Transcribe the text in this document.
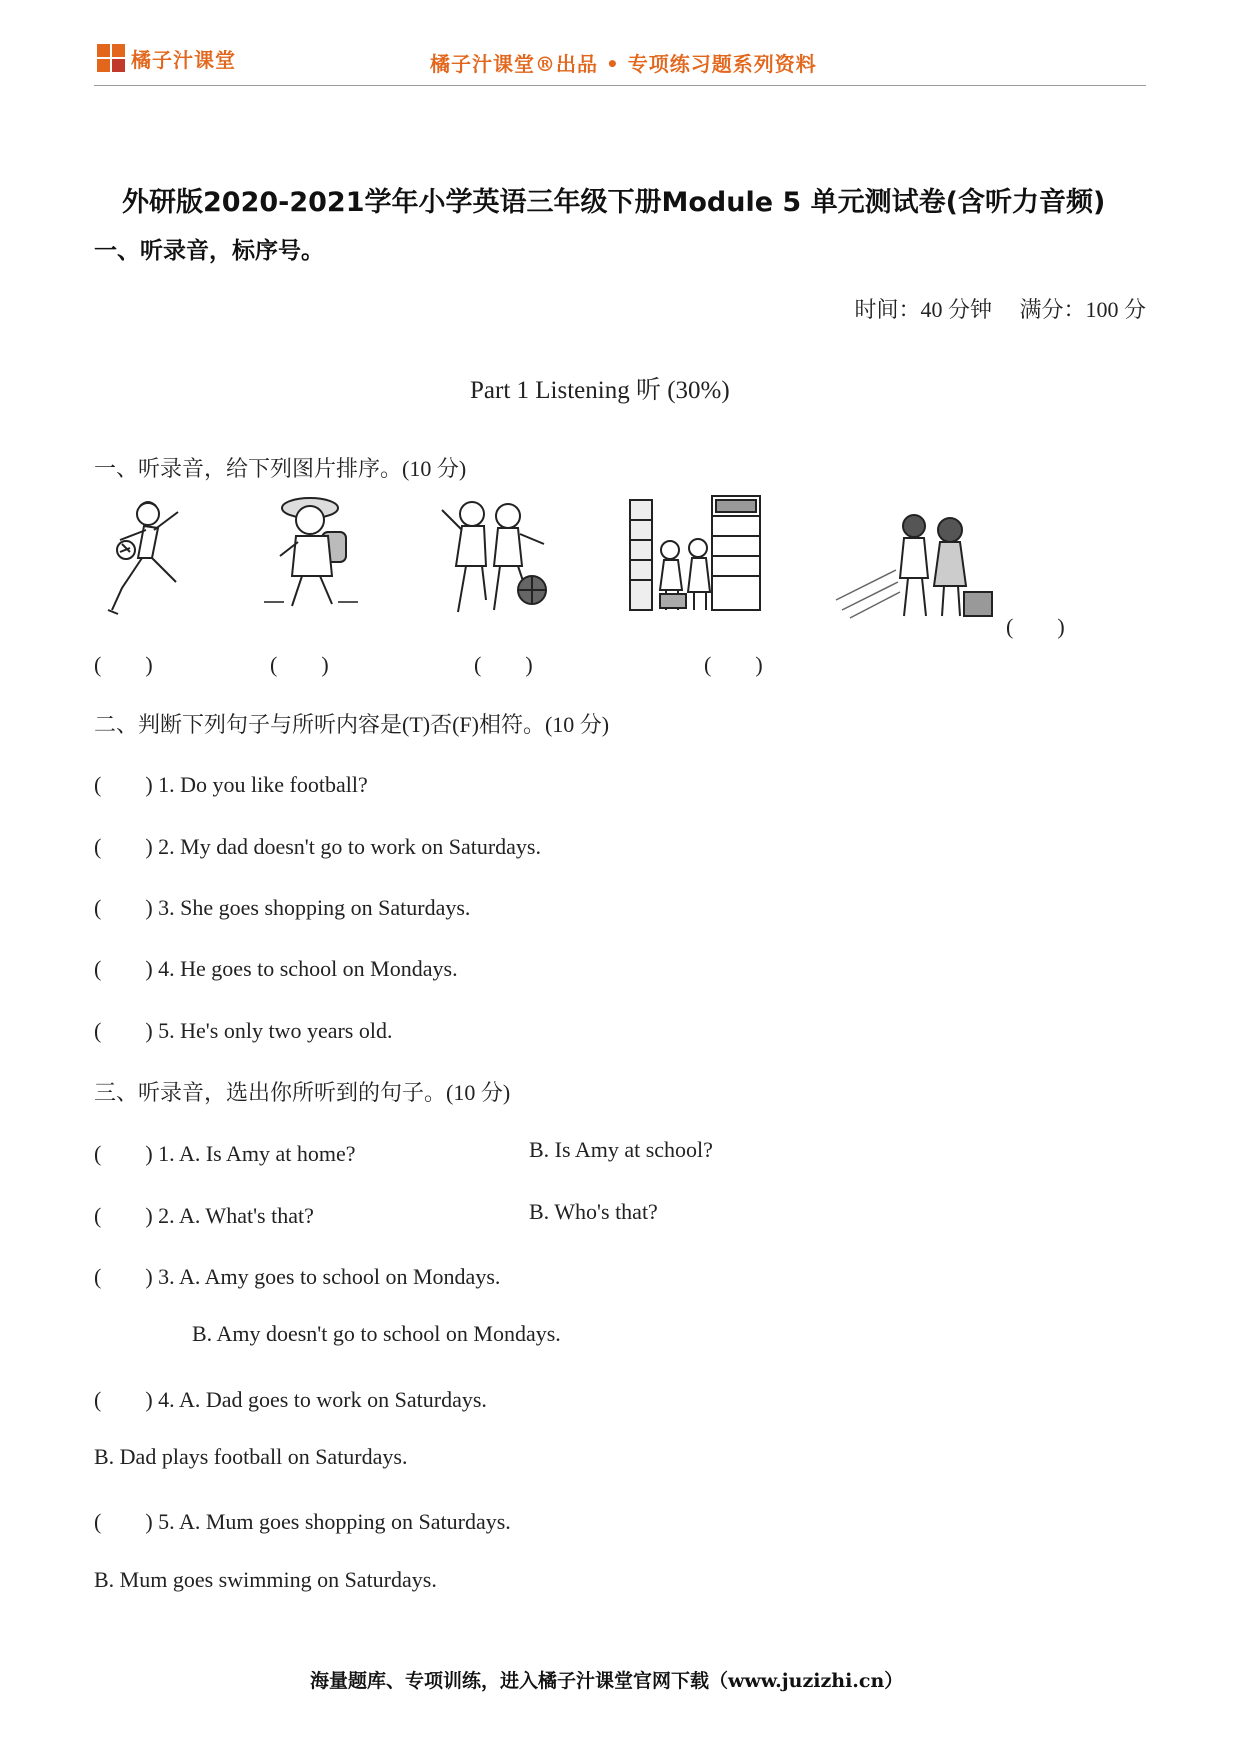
橘子汁课堂	橘子汁课堂®出品 • 专项练习题系列资料
外研版2020-2021学年小学英语三年级下册Module 5 单元测试卷(含听力音频)
一、听录音，标序号。
时间：40 分钟　 满分：100 分
Part 1 Listening 听 (30%)
一、听录音，给下列图片排序。(10 分)
(　　)	(　　)	(　　)	(　　)
(　　)
二、判断下列句子与所听内容是(T)否(F)相符。(10 分)
(　　) 1. Do you like football?
(　　) 2. My dad doesn't go to work on Saturdays.
(　　) 3. She goes shopping on Saturdays.
(　　) 4. He goes to school on Mondays.
(　　) 5. He's only two years old.
三、听录音，选出你所听到的句子。(10 分)
(　　) 1. A. Is Amy at home?	B. Is Amy at school?
(　　) 2. A. What's that?	B. Who's that?
(　　) 3. A. Amy goes to school on Mondays.
B. Amy doesn't go to school on Mondays.
(　　) 4. A. Dad goes to work on Saturdays.
B. Dad plays football on Saturdays.
(　　) 5. A. Mum goes shopping on Saturdays.
B. Mum goes swimming on Saturdays.
海量题库、专项训练，进入橘子汁课堂官网下载（www.juzizhi.cn）
